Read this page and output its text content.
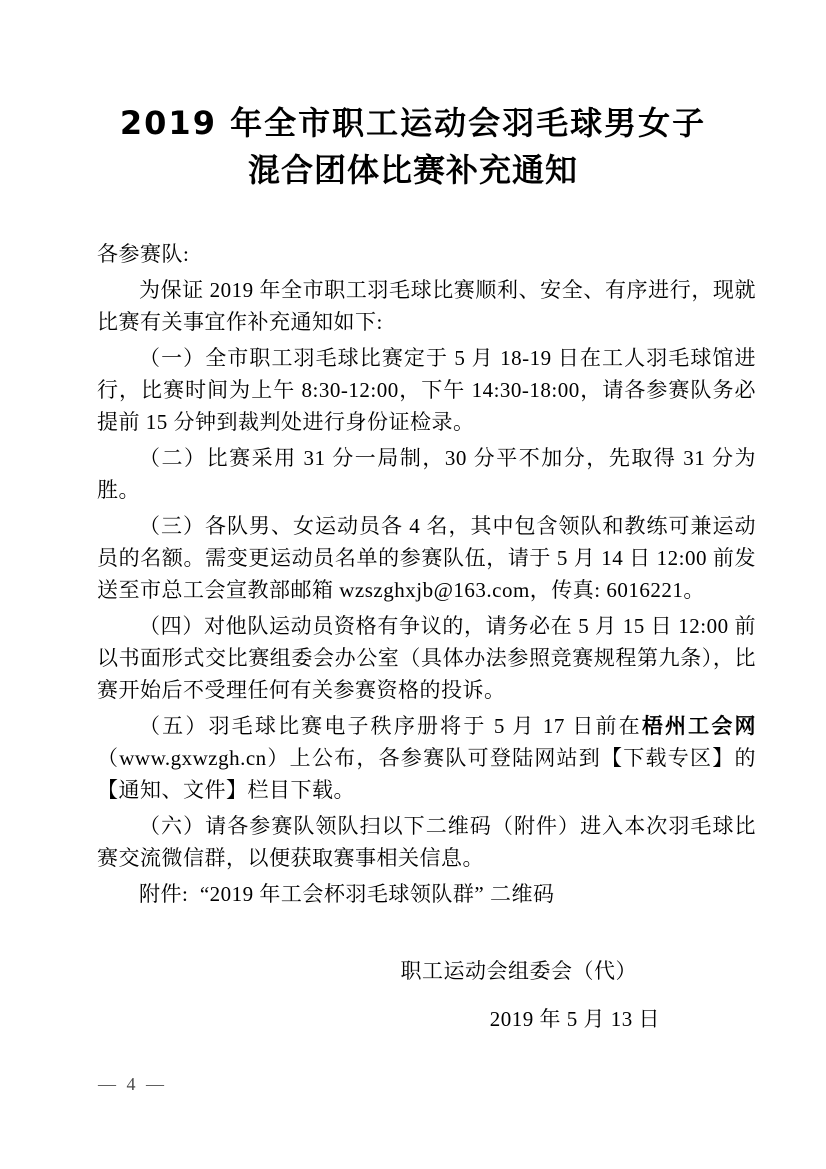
2019 年全市职工运动会羽毛球男女子
混合团体比赛补充通知

各参赛队:

为保证 2019 年全市职工羽毛球比赛顺利、安全、有序进行，现就比赛有关事宜作补充通知如下:

（一）全市职工羽毛球比赛定于 5 月 18-19 日在工人羽毛球馆进行，比赛时间为上午 8:30-12:00，下午 14:30-18:00，请各参赛队务必提前 15 分钟到裁判处进行身份证检录。

（二）比赛采用 31 分一局制，30 分平不加分，先取得 31 分为胜。

（三）各队男、女运动员各 4 名，其中包含领队和教练可兼运动员的名额。需变更运动员名单的参赛队伍，请于 5 月 14 日 12:00 前发送至市总工会宣教部邮箱 wzszghxjb@163.com，传真: 6016221。

（四）对他队运动员资格有争议的，请务必在 5 月 15 日 12:00 前以书面形式交比赛组委会办公室（具体办法参照竞赛规程第九条），比赛开始后不受理任何有关参赛资格的投诉。

（五）羽毛球比赛电子秩序册将于 5 月 17 日前在梧州工会网（www.gxwzgh.cn）上公布，各参赛队可登陆网站到【下载专区】的【通知、文件】栏目下载。

（六）请各参赛队领队扫以下二维码（附件）进入本次羽毛球比赛交流微信群，以便获取赛事相关信息。

附件:  “2019 年工会杯羽毛球领队群” 二维码

职工运动会组委会（代）
2019 年 5 月 13 日
— 4 —
